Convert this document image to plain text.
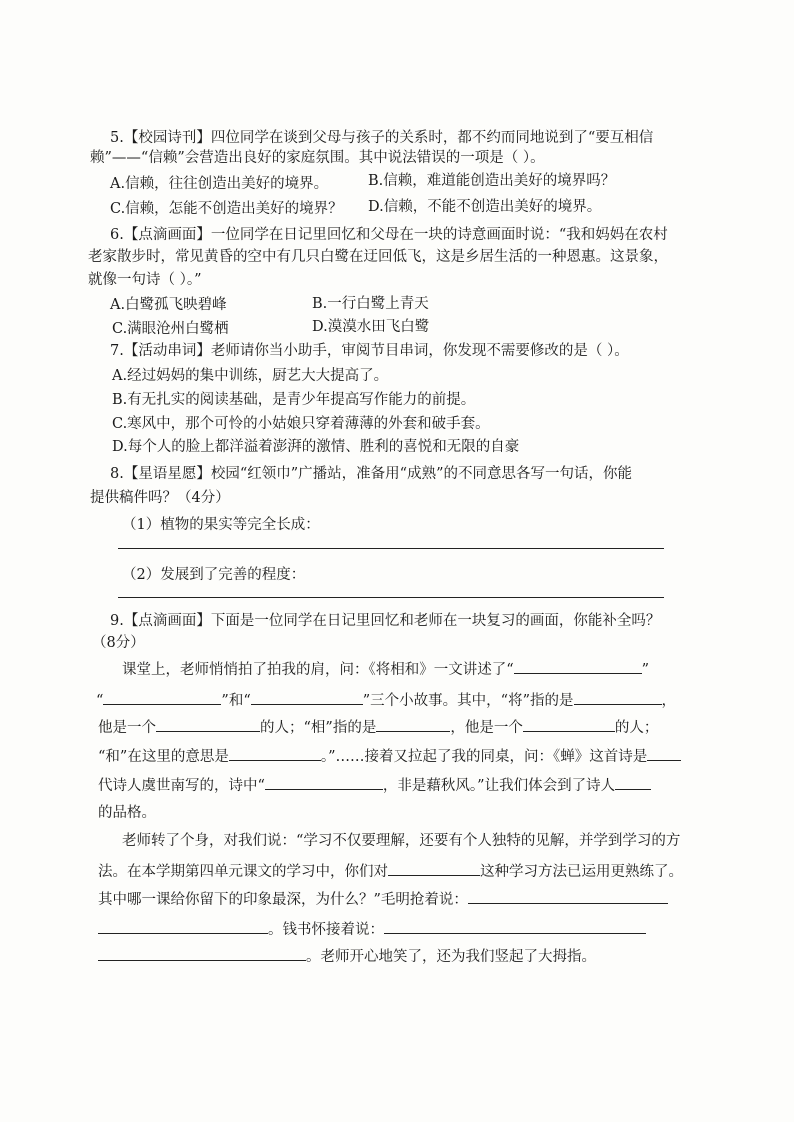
5.【校园诗刊】四位同学在谈到父母与孩子的关系时，都不约而同地说到了“要互相信
赖”——“信赖”会营造出良好的家庭氛围。其中说法错误的一项是（ ）。
A.信赖，往往创造出美好的境界。	B.信赖，难道能创造出美好的境界吗？
C.信赖，怎能不创造出美好的境界？ D.信赖，不能不创造出美好的境界。
6.【点滴画面】一位同学在日记里回忆和父母在一块的诗意画面时说：“我和妈妈在农村
老家散步时，常见黄昏的空中有几只白鹭在迂回低飞，这是乡居生活的一种恩惠。这景象，
就像一句诗（ ）。”
A.白鹭孤飞映碧峰	B.一行白鹭上青天
C.满眼沧州白鹭栖	D.漠漠水田飞白鹭
7.【活动串词】老师请你当小助手，审阅节目串词，你发现不需要修改的是（ ）。
A.经过妈妈的集中训练，厨艺大大提高了。
B.有无扎实的阅读基础，是青少年提高写作能力的前提。
C.寒风中，那个可怜的小姑娘只穿着薄薄的外套和破手套。
D.每个人的脸上都洋溢着澎湃的激情、胜利的喜悦和无限的自豪
8.【星语星愿】校园“红领巾”广播站，准备用“成熟”的不同意思各写一句话，你能
提供稿件吗？（4分）
（1）植物的果实等完全长成：
（2）发展到了完善的程度：
9.【点滴画面】下面是一位同学在日记里回忆和老师在一块复习的画面，你能补全吗？
（8分）
课堂上，老师悄悄拍了拍我的肩，问：《将相和》一文讲述了“	”
“	”和“	”三个小故事。其中，“将”指的是	，
他是一个	的人；“相”指的是	，他是一个	的人；
“和”在这里的意思是	。”……接着又拉起了我的同桌，问：《蝉》这首诗是
代诗人虞世南写的，诗中“	，非是藉秋风。”让我们体会到了诗人
的品格。
老师转了个身，对我们说：“学习不仅要理解，还要有个人独特的见解，并学到学习的方
法。在本学期第四单元课文的学习中，你们对	这种学习方法已运用更熟练了。
其中哪一课给你留下的印象最深，为什么？”毛明抢着说：
。钱书怀接着说：
。老师开心地笑了，还为我们竖起了大拇指。
